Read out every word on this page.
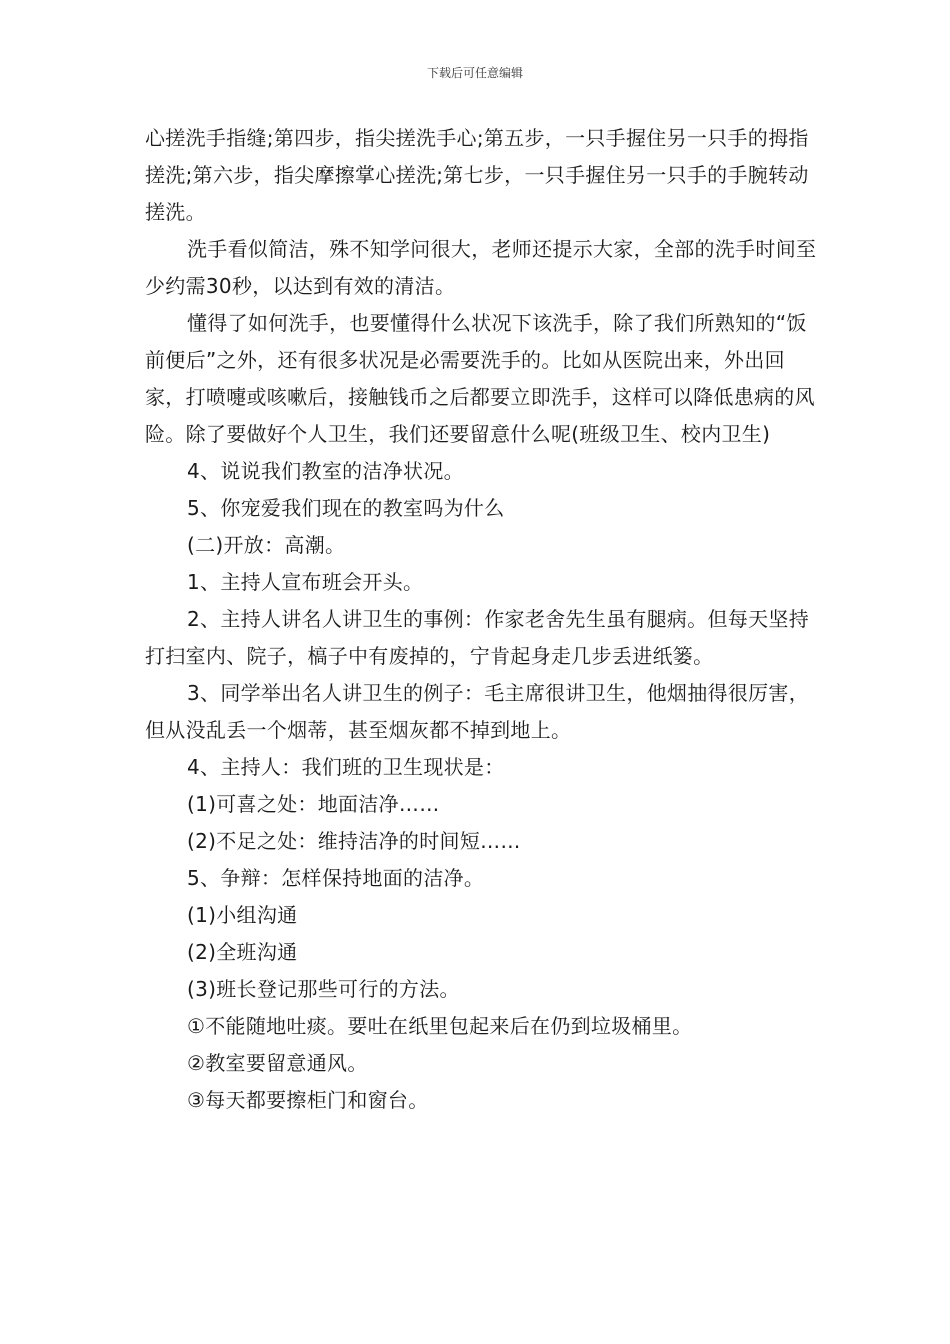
下载后可任意编辑

心搓洗手指缝;第四步，指尖搓洗手心;第五步，一只手握住另一只手的拇指搓洗;第六步，指尖摩擦掌心搓洗;第七步，一只手握住另一只手的手腕转动搓洗。

洗手看似简洁，殊不知学问很大，老师还提示大家，全部的洗手时间至少约需30秒，以达到有效的清洁。

懂得了如何洗手，也要懂得什么状况下该洗手，除了我们所熟知的“饭前便后”之外，还有很多状况是必需要洗手的。比如从医院出来，外出回家，打喷嚏或咳嗽后，接触钱币之后都要立即洗手，这样可以降低患病的风险。除了要做好个人卫生，我们还要留意什么呢(班级卫生、校内卫生)

4、说说我们教室的洁净状况。

5、你宠爱我们现在的教室吗为什么

(二)开放：高潮。

1、主持人宣布班会开头。

2、主持人讲名人讲卫生的事例：作家老舍先生虽有腿病。但每天坚持打扫室内、院子，槁子中有废掉的，宁肯起身走几步丢进纸篓。

3、同学举出名人讲卫生的例子：毛主席很讲卫生，他烟抽得很厉害，但从没乱丢一个烟蒂，甚至烟灰都不掉到地上。

4、主持人：我们班的卫生现状是：

(1)可喜之处：地面洁净……

(2)不足之处：维持洁净的时间短……

5、争辩：怎样保持地面的洁净。

(1)小组沟通

(2)全班沟通

(3)班长登记那些可行的方法。

①不能随地吐痰。要吐在纸里包起来后在仍到垃圾桶里。

②教室要留意通风。

③每天都要擦柜门和窗台。
